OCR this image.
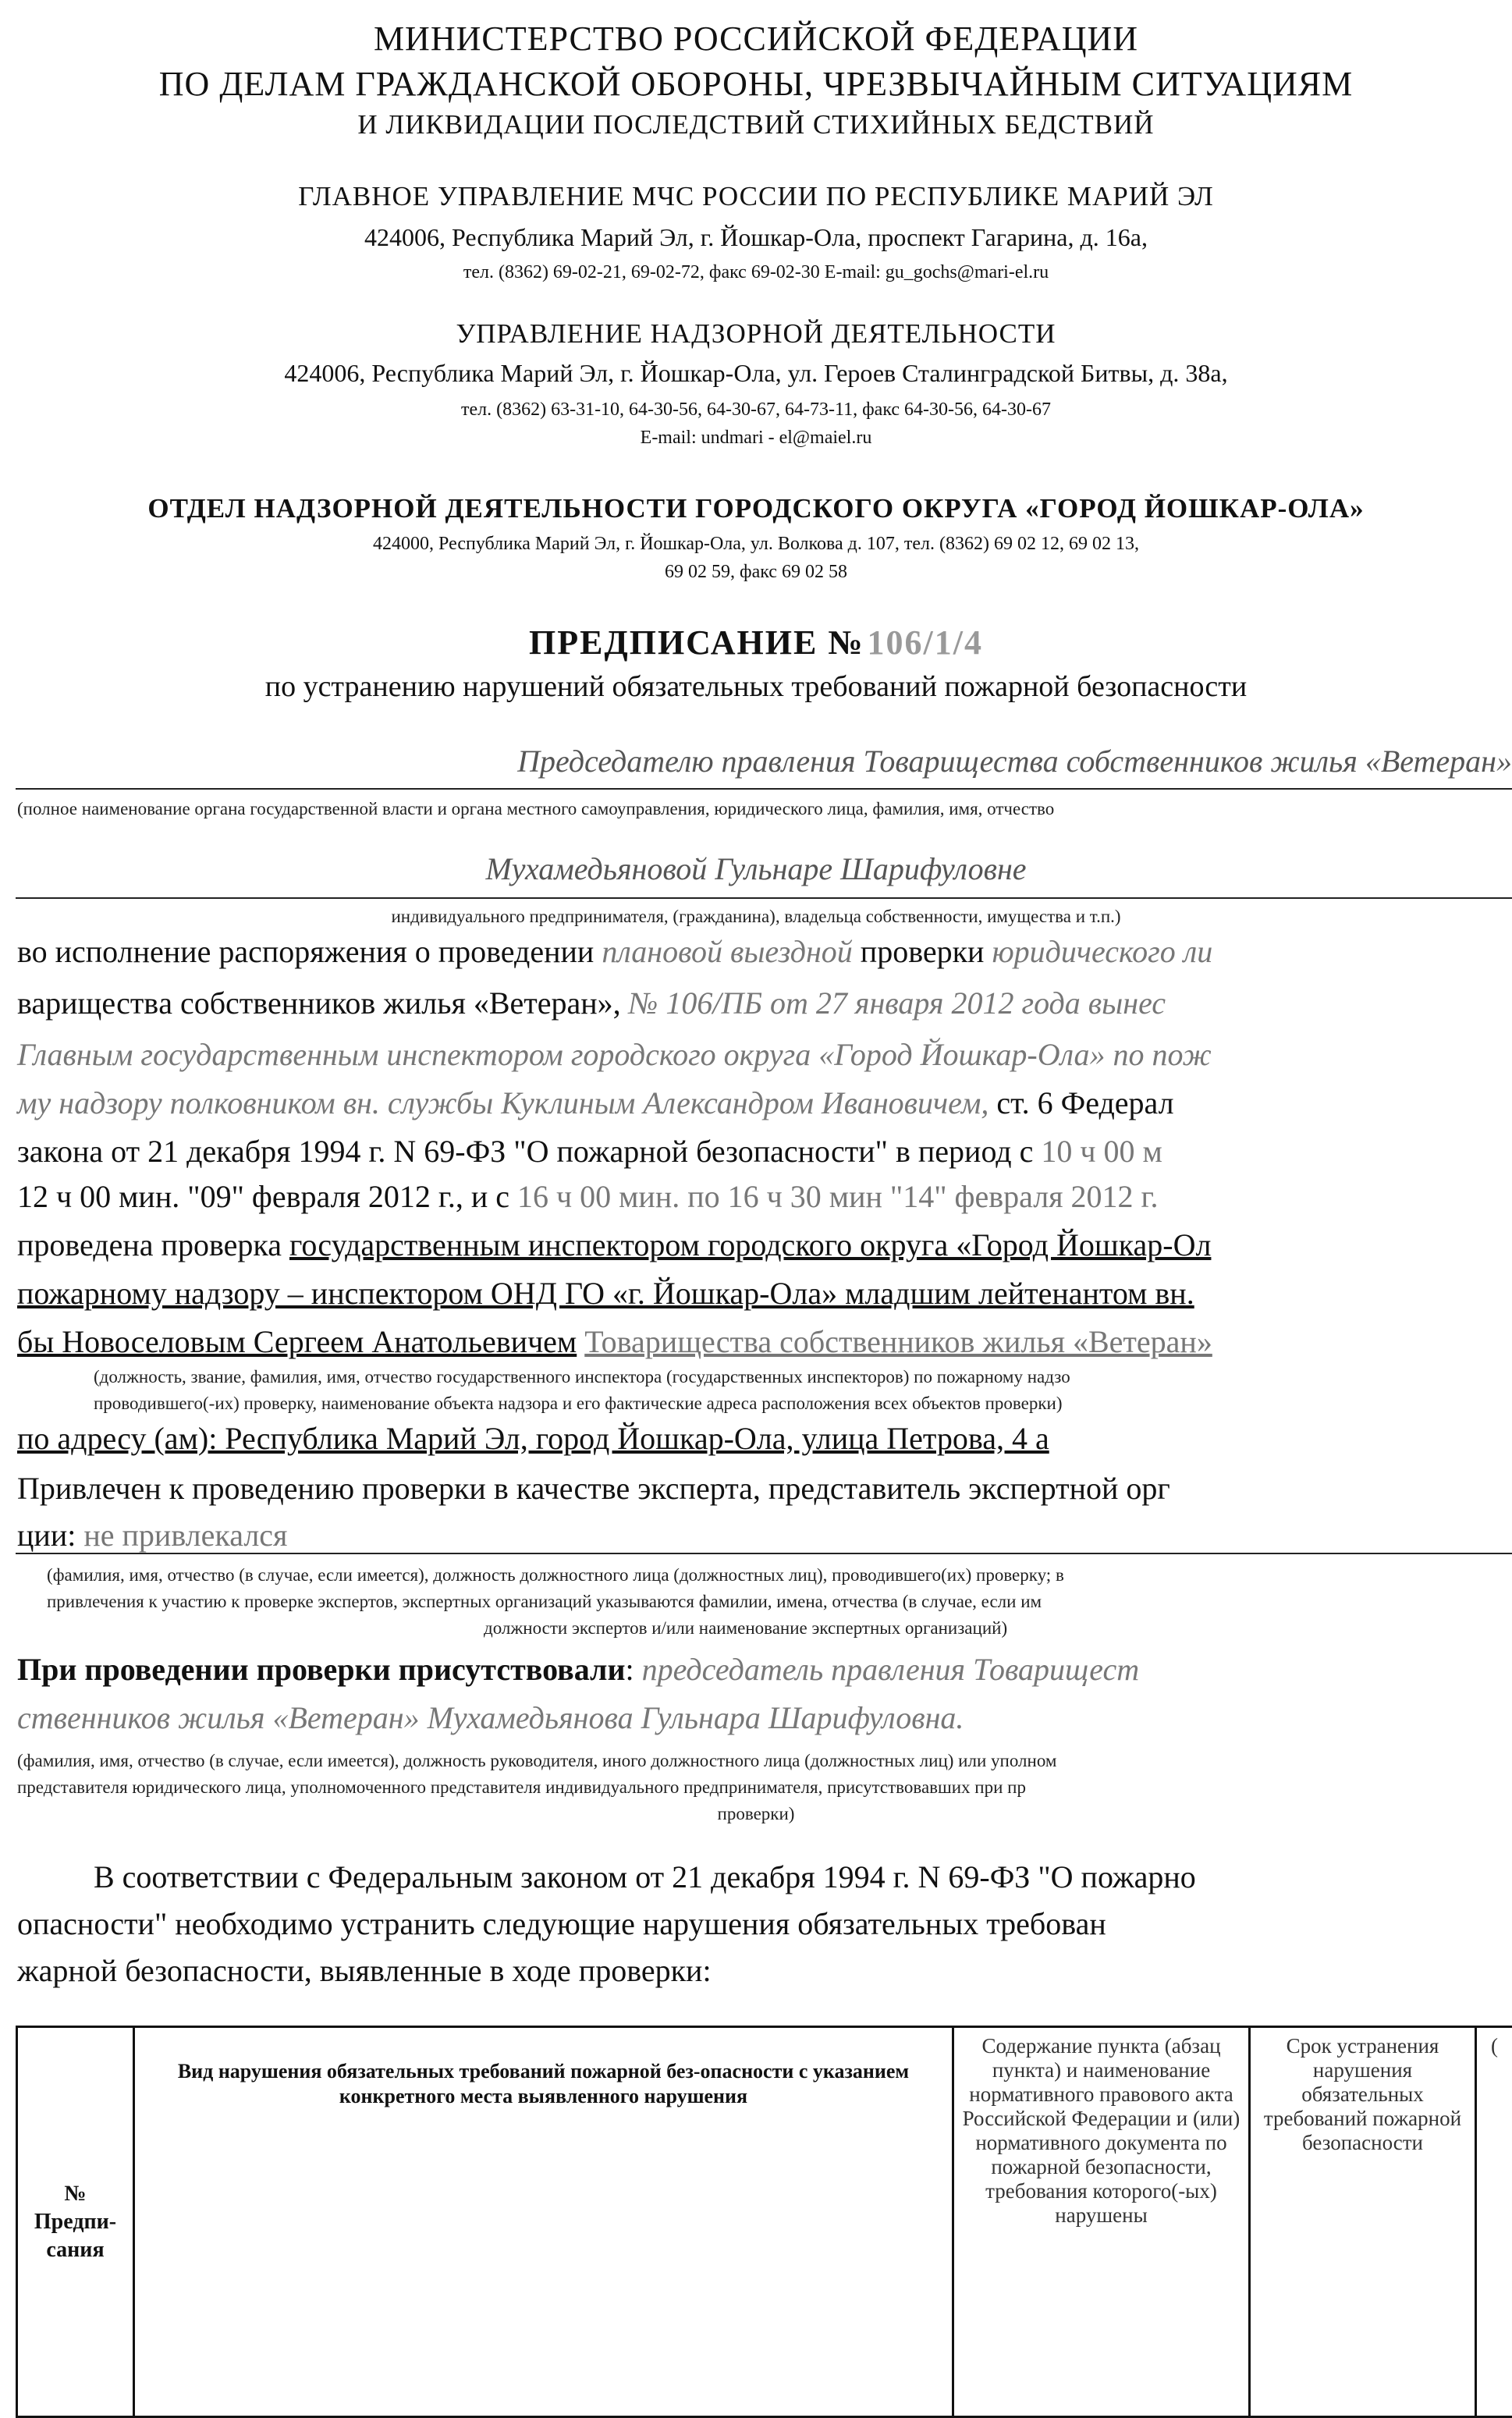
МИНИСТЕРСТВО РОССИЙСКОЙ ФЕДЕРАЦИИ
ПО ДЕЛАМ ГРАЖДАНСКОЙ ОБОРОНЫ, ЧРЕЗВЫЧАЙНЫМ СИТУАЦИЯМ
И ЛИКВИДАЦИИ ПОСЛЕДСТВИЙ СТИХИЙНЫХ БЕДСТВИЙ
ГЛАВНОЕ УПРАВЛЕНИЕ МЧС РОССИИ ПО РЕСПУБЛИКЕ МАРИЙ ЭЛ
424006, Республика Марий Эл, г. Йошкар-Ола, проспект Гагарина, д. 16а,
тел. (8362) 69-02-21, 69-02-72, факс 69-02-30 E-mail: gu_gochs@mari-el.ru
УПРАВЛЕНИЕ НАДЗОРНОЙ ДЕЯТЕЛЬНОСТИ
424006, Республика Марий Эл, г. Йошкар-Ола, ул. Героев Сталинградской Битвы, д. 38а,
тел. (8362) 63-31-10, 64-30-56, 64-30-67, 64-73-11, факс 64-30-56, 64-30-67
E-mail: undmari - el@maiel.ru
ОТДЕЛ НАДЗОРНОЙ ДЕЯТЕЛЬНОСТИ ГОРОДСКОГО ОКРУГА «ГОРОД ЙОШКАР-ОЛА»
424000, Республика Марий Эл, г. Йошкар-Ола, ул. Волкова д. 107, тел. (8362) 69 02 12, 69 02 13,
69 02 59, факс 69 02 58
ПРЕДПИСАНИЕ № 106/1/4
по устранению нарушений обязательных требований пожарной безопасности
Председателю правления Товарищества собственников жилья «Ветеран»
(полное наименование органа государственной власти и органа местного самоуправления, юридического лица, фамилия, имя, отчество
Мухамедьяновой Гульнаре Шарифуловне
индивидуального предпринимателя, (гражданина), владельца собственности, имущества и т.п.)
во исполнение распоряжения о проведении плановой выездной проверки юридического ли
вариществa собственников жилья «Ветеран», № 106/ПБ от 27 января 2012 года вынес
Главным государственным инспектором городского округа «Город Йошкар-Ола» по пож
му надзору полковником вн. службы Куклиным Александром Ивановичем, ст. 6 Федерал
закона от 21 декабря 1994 г. N 69-ФЗ "О пожарной безопасности" в период с 10 ч 00 м
12 ч 00 мин. "09" февраля 2012 г., и с 16 ч 00 мин. по 16 ч 30 мин "14" февраля 2012 г.
проведена проверка государственным инспектором городского округа «Город Йошкар-Ол
пожарному надзору – инспектором ОНД ГО «г. Йошкар-Ола» младшим лейтенантом вн.
бы Новоселовым Сергеем Анатольевичем Товарищества собственников жилья «Ветеран»
(должность, звание, фамилия, имя, отчество государственного инспектора (государственных инспекторов) по пожарному надзо
проводившего(-их) проверку, наименование объекта надзора и его фактические адреса расположения всех объектов проверки)
по адресу (ам): Республика Марий Эл, город Йошкар-Ола, улица Петрова, 4 а
Привлечен к проведению проверки в качестве эксперта, представитель экспертной орг
ции: не привлекался
(фамилия, имя, отчество (в случае, если имеется), должность должностного лица (должностных лиц), проводившего(их) проверку; в
привлечения к участию к проверке экспертов, экспертных организаций указываются фамилии, имена, отчества (в случае, если им
должности экспертов и/или наименование экспертных организаций)
При проведении проверки присутствовали: председатель правления Товарищест
ственников жилья «Ветеран» Мухамедьянова Гульнара Шарифуловна.
(фамилия, имя, отчество (в случае, если имеется), должность руководителя, иного должностного лица (должностных лиц) или уполном
представителя юридического лица, уполномоченного представителя индивидуального предпринимателя, присутствовавших при пр
проверки)
В соответствии с Федеральным законом от 21 декабря 1994 г. N 69-ФЗ "О пожарно
опасности" необходимо устранить следующие нарушения обязательных требован
жарной безопасности, выявленные в ходе проверки:
№ Предпи-сания	Вид нарушения обязательных требований пожарной без-опасности с указанием конкретного места выявленного нарушения	Содержание пункта (абзац пункта) и наименование нормативного правового акта Российской Федерации и (или) нормативного документа по пожарной безопасности, требования которого(-ых) нарушены	Срок устранения нарушения обязательных требований пожарной безопасности	(
